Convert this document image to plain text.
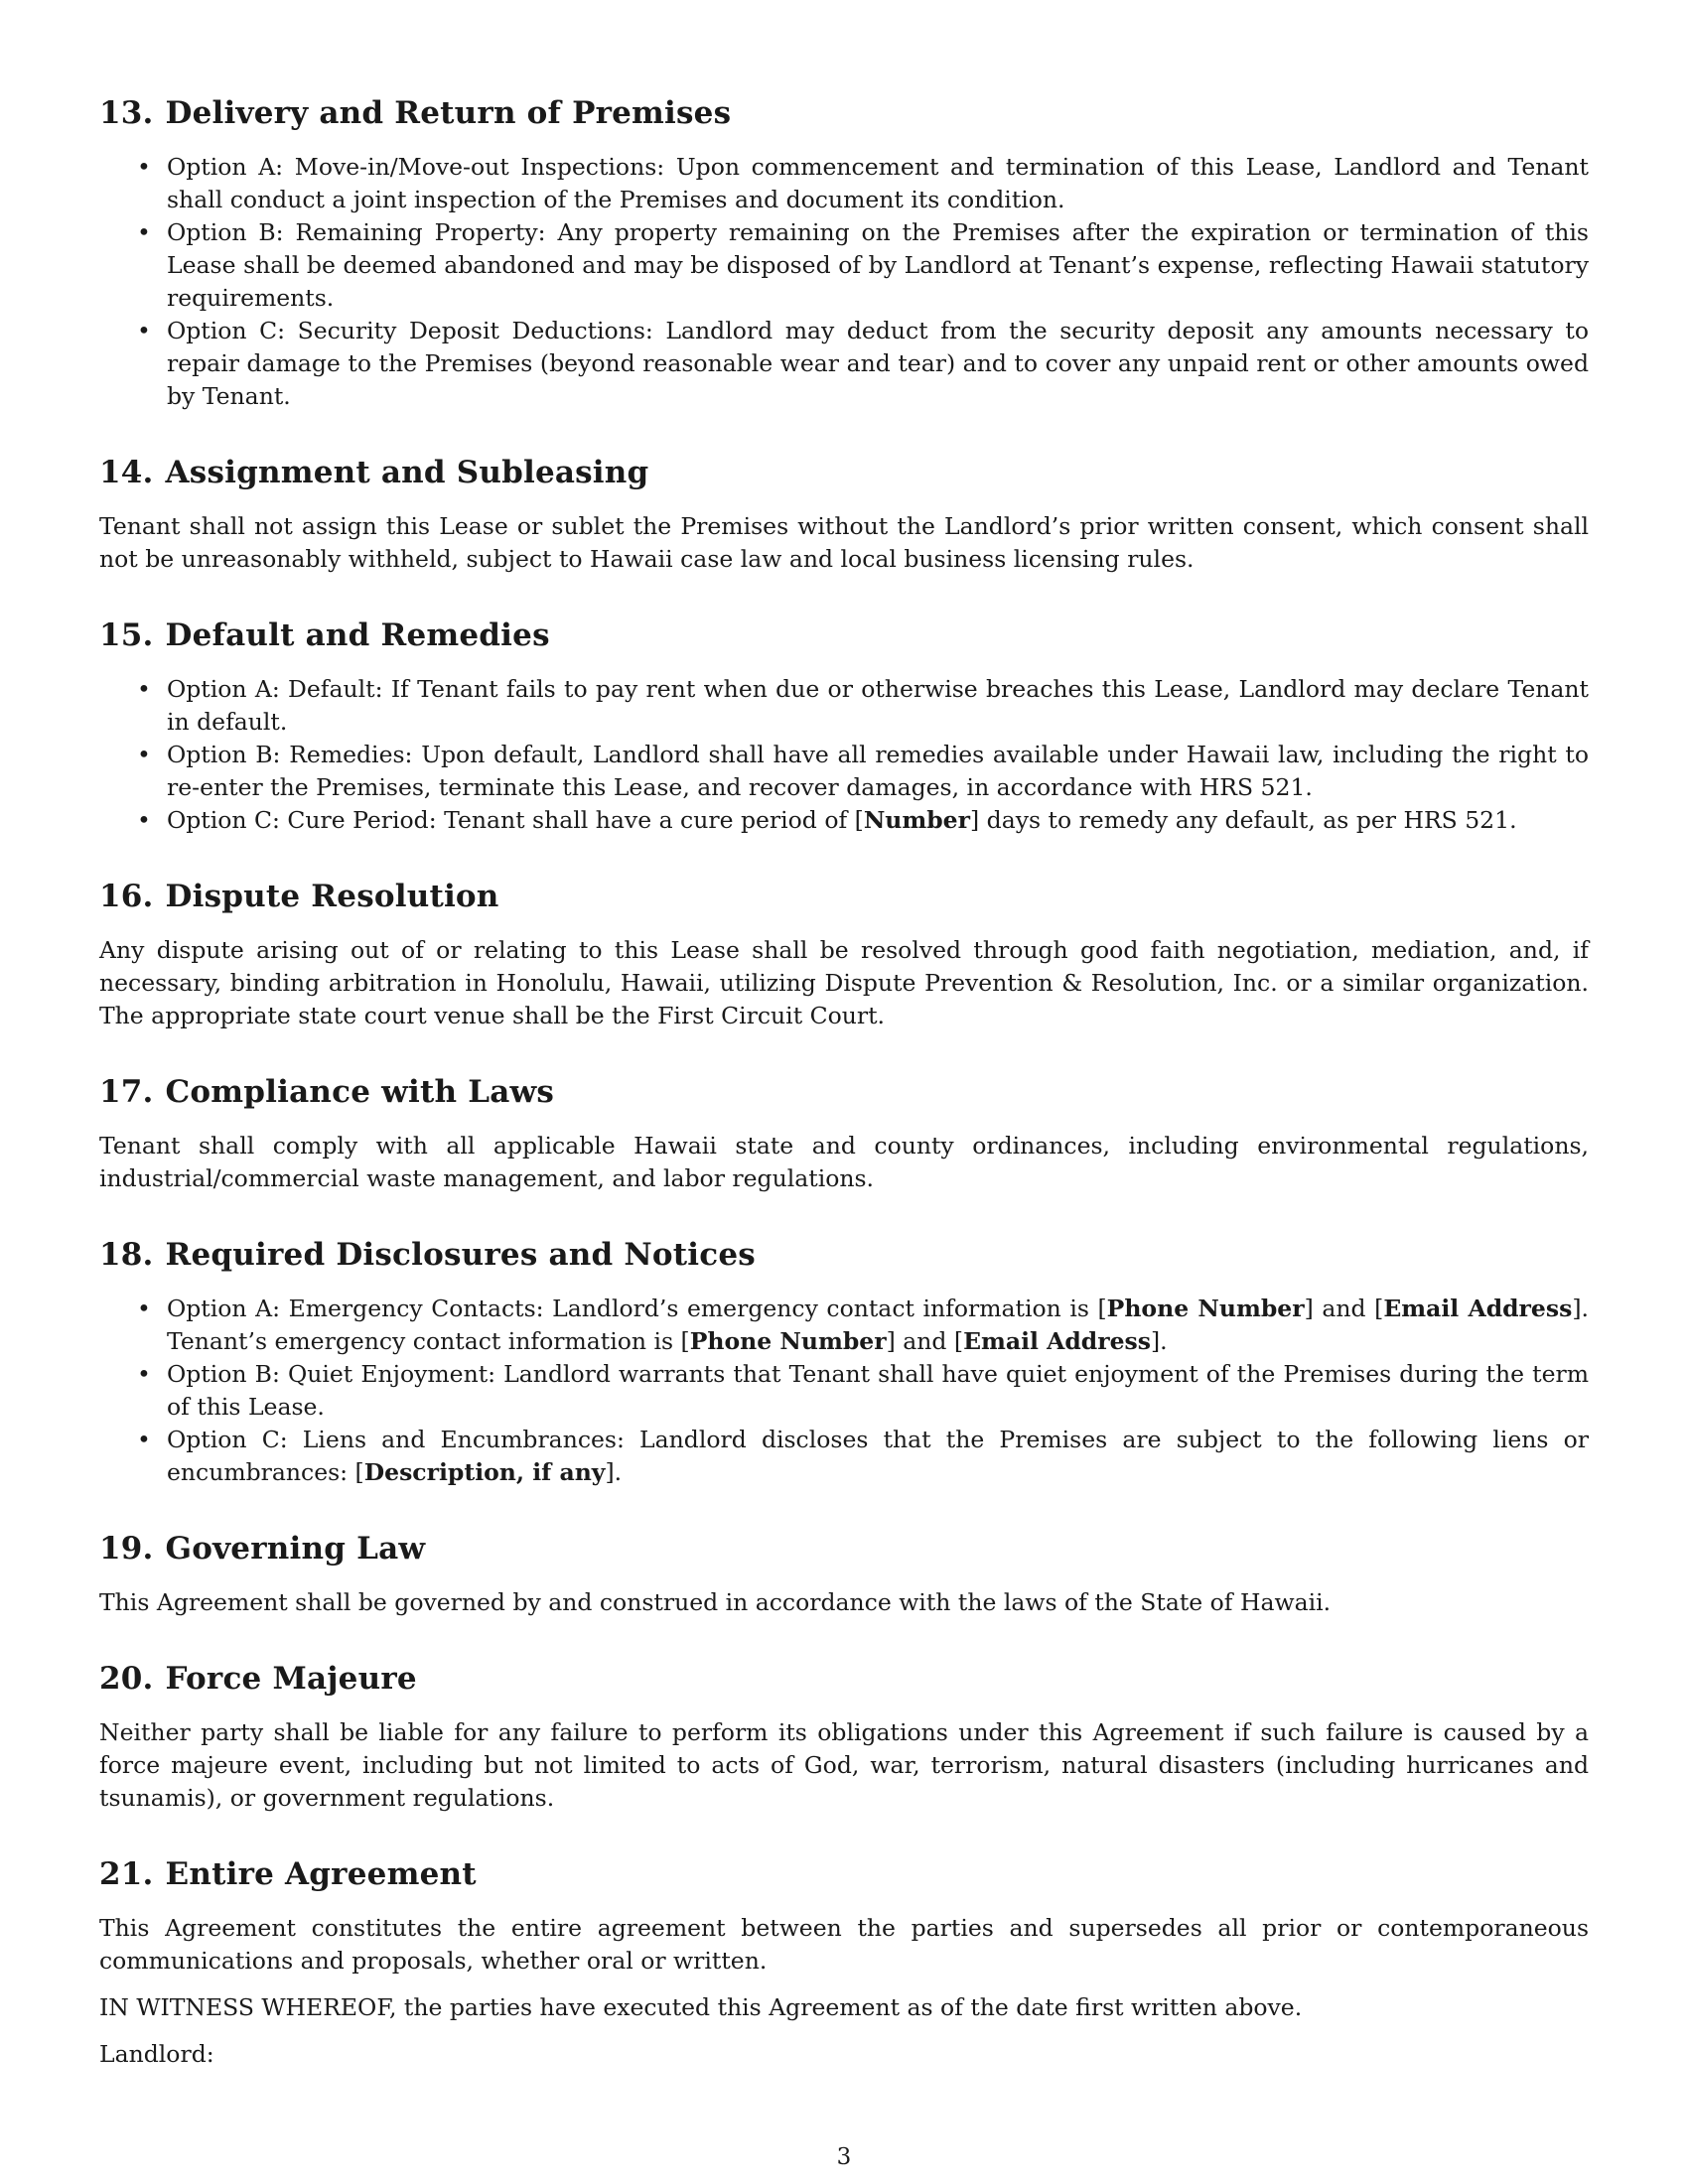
13. Delivery and Return of Premises
• Option A: Move-in/Move-out Inspections: Upon commencement and termination of this Lease, Landlord and Tenant shall conduct a joint inspection of the Premises and document its condition.
• Option B: Remaining Property: Any property remaining on the Premises after the expiration or termination of this Lease shall be deemed abandoned and may be disposed of by Landlord at Tenant’s expense, reflecting Hawaii statutory requirements.
• Option C: Security Deposit Deductions: Landlord may deduct from the security deposit any amounts necessary to repair damage to the Premises (beyond reasonable wear and tear) and to cover any unpaid rent or other amounts owed by Tenant.
14. Assignment and Subleasing

Tenant shall not assign this Lease or sublet the Premises without the Landlord’s prior written consent, which consent shall not be unreasonably withheld, subject to Hawaii case law and local business licensing rules.

15. Default and Remedies
• Option A: Default: If Tenant fails to pay rent when due or otherwise breaches this Lease, Landlord may declare Tenant in default.
• Option B: Remedies: Upon default, Landlord shall have all remedies available under Hawaii law, including the right to re-enter the Premises, terminate this Lease, and recover damages, in accordance with HRS 521.
• Option C: Cure Period: Tenant shall have a cure period of [Number] days to remedy any default, as per HRS 521.
16. Dispute Resolution

Any dispute arising out of or relating to this Lease shall be resolved through good faith negotiation, mediation, and, if necessary, binding arbitration in Honolulu, Hawaii, utilizing Dispute Prevention & Resolution, Inc. or a similar organization. The appropriate state court venue shall be the First Circuit Court.

17. Compliance with Laws

Tenant shall comply with all applicable Hawaii state and county ordinances, including environmental regulations, industrial/commercial waste management, and labor regulations.

18. Required Disclosures and Notices
• Option A: Emergency Contacts: Landlord’s emergency contact information is [Phone Number] and [Email Address]. Tenant’s emergency contact information is [Phone Number] and [Email Address].
• Option B: Quiet Enjoyment: Landlord warrants that Tenant shall have quiet enjoyment of the Premises during the term of this Lease.
• Option C: Liens and Encumbrances: Landlord discloses that the Premises are subject to the following liens or encumbrances: [Description, if any].
19. Governing Law

This Agreement shall be governed by and construed in accordance with the laws of the State of Hawaii.

20. Force Majeure

Neither party shall be liable for any failure to perform its obligations under this Agreement if such failure is caused by a force majeure event, including but not limited to acts of God, war, terrorism, natural disasters (including hurricanes and tsunamis), or government regulations.

21. Entire Agreement

This Agreement constitutes the entire agreement between the parties and supersedes all prior or contemporaneous communications and proposals, whether oral or written.

IN WITNESS WHEREOF, the parties have executed this Agreement as of the date first written above.

Landlord:

3
